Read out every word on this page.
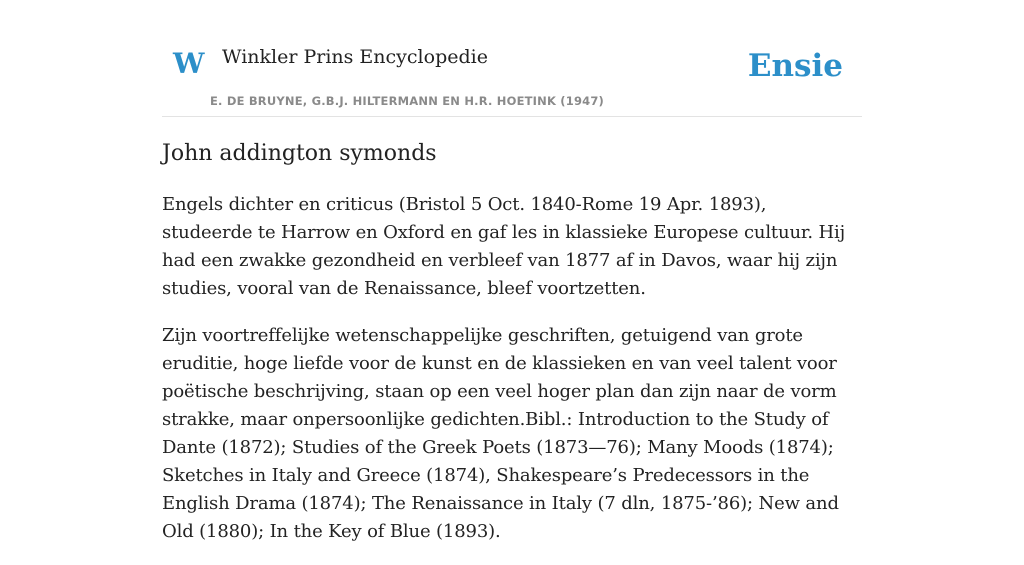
W Winkler Prins Encyclopedie
E. DE BRUYNE, G.B.J. HILTERMANN EN H.R. HOETINK (1947)
Ensie
John addington symonds

Engels dichter en criticus (Bristol 5 Oct. 1840-Rome 19 Apr. 1893), studeerde te Harrow en Oxford en gaf les in klassieke Europese cultuur. Hij had een zwakke gezondheid en verbleef van 1877 af in Davos, waar hij zijn studies, vooral van de Renaissance, bleef voortzetten.

Zijn voortreffelijke wetenschappelijke geschriften, getuigend van grote eruditie, hoge liefde voor de kunst en de klassieken en van veel talent voor poëtische beschrijving, staan op een veel hoger plan dan zijn naar de vorm strakke, maar onpersoonlijke gedichten.Bibl.: Introduction to the Study of Dante (1872); Studies of the Greek Poets (1873—76); Many Moods (1874); Sketches in Italy and Greece (1874), Shakespeare’s Predecessors in the English Drama (1874); The Renaissance in Italy (7 dln, 1875-’86); New and Old (1880); In the Key of Blue (1893).
